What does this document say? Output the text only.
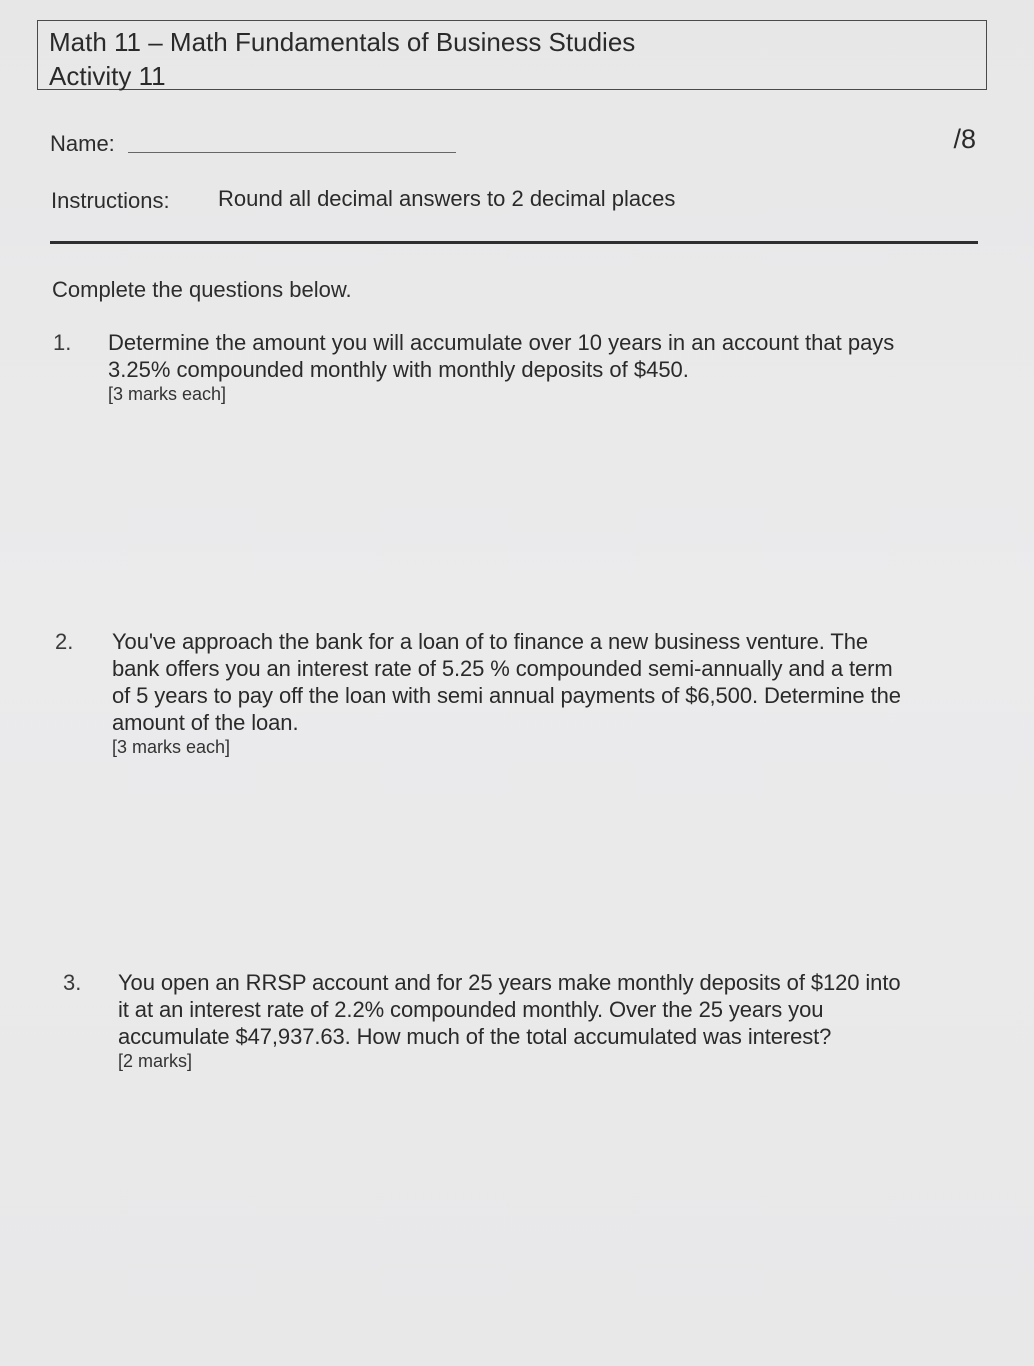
Math 11 – Math Fundamentals of Business Studies
Activity 11
Name:	/8
Instructions: Round all decimal answers to 2 decimal places
Complete the questions below.
1. Determine the amount you will accumulate over 10 years in an account that pays
3.25% compounded monthly with monthly deposits of $450.
[3 marks each]
2. You've approach the bank for a loan of to finance a new business venture. The
bank offers you an interest rate of 5.25 % compounded semi-annually and a term
of 5 years to pay off the loan with semi annual payments of $6,500. Determine the
amount of the loan.
[3 marks each]
3. You open an RRSP account and for 25 years make monthly deposits of $120 into
it at an interest rate of 2.2% compounded monthly. Over the 25 years you
accumulate $47,937.63. How much of the total accumulated was interest?
[2 marks]
